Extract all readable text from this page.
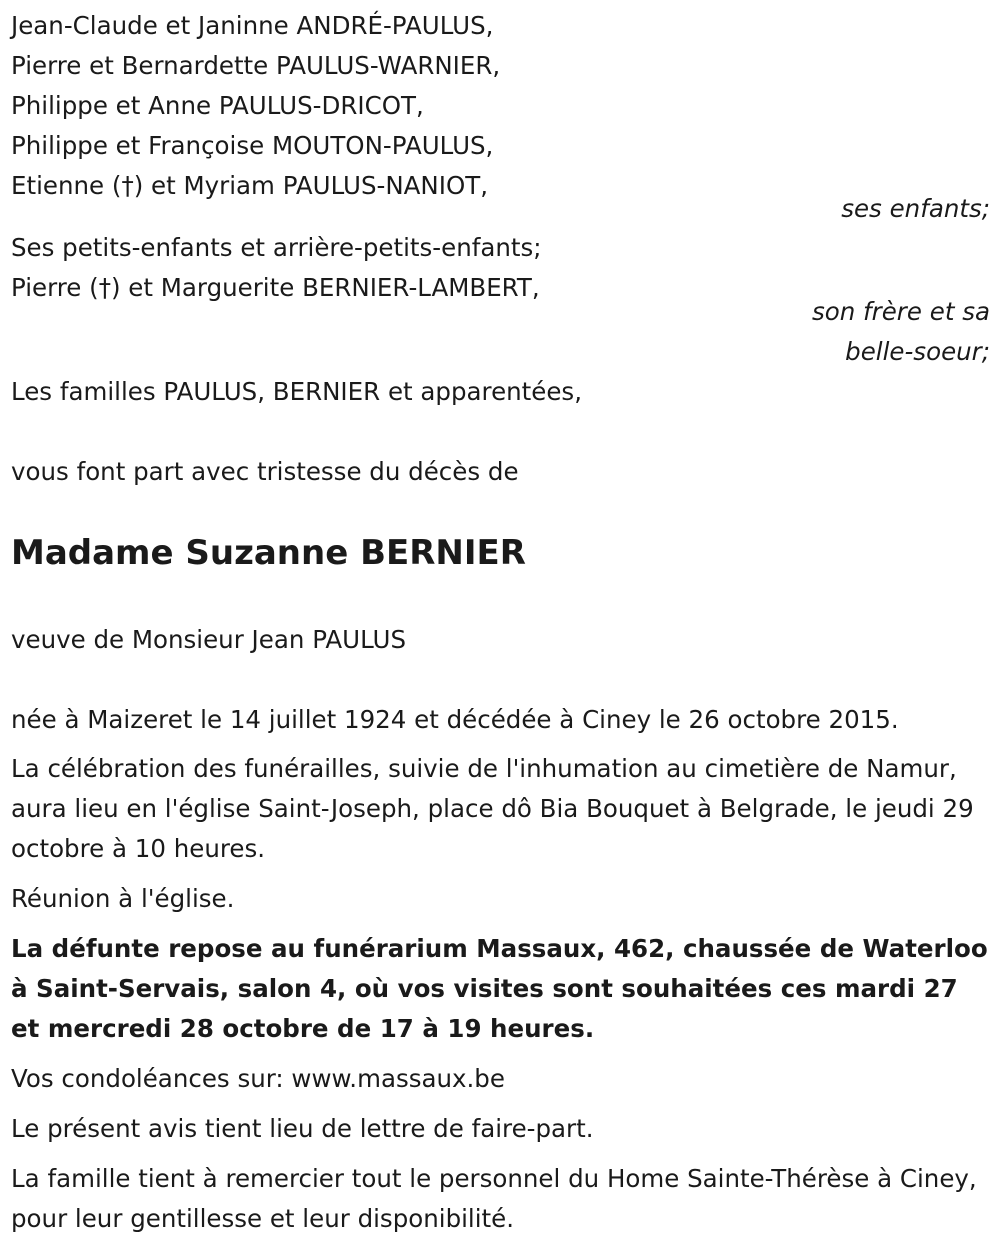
Jean-Claude et Janinne ANDRÉ-PAULUS,
Pierre et Bernardette PAULUS-WARNIER,
Philippe et Anne PAULUS-DRICOT,
Philippe et Françoise MOUTON-PAULUS,
Etienne (†) et Myriam PAULUS-NANIOT,
ses enfants;
Ses petits-enfants et arrière-petits-enfants;
Pierre (†) et Marguerite BERNIER-LAMBERT,
son frère et sa
belle-soeur;
Les familles PAULUS, BERNIER et apparentées,
vous font part avec tristesse du décès de
Madame Suzanne BERNIER
veuve de Monsieur Jean PAULUS
née à Maizeret le 14 juillet 1924 et décédée à Ciney le 26 octobre 2015.

La célébration des funérailles, suivie de l'inhumation au cimetière de Namur, aura lieu en l'église Saint-Joseph, place dô Bia Bouquet à Belgrade, le jeudi 29 octobre à 10 heures.

Réunion à l'église.

La défunte repose au funérarium Massaux, 462, chaussée de Waterloo à Saint-Servais, salon 4, où vos visites sont souhaitées ces mardi 27 et mercredi 28 octobre de 17 à 19 heures.

Vos condoléances sur: www.massaux.be

Le présent avis tient lieu de lettre de faire-part.

La famille tient à remercier tout le personnel du Home Sainte-Thérèse à Ciney, pour leur gentillesse et leur disponibilité.
